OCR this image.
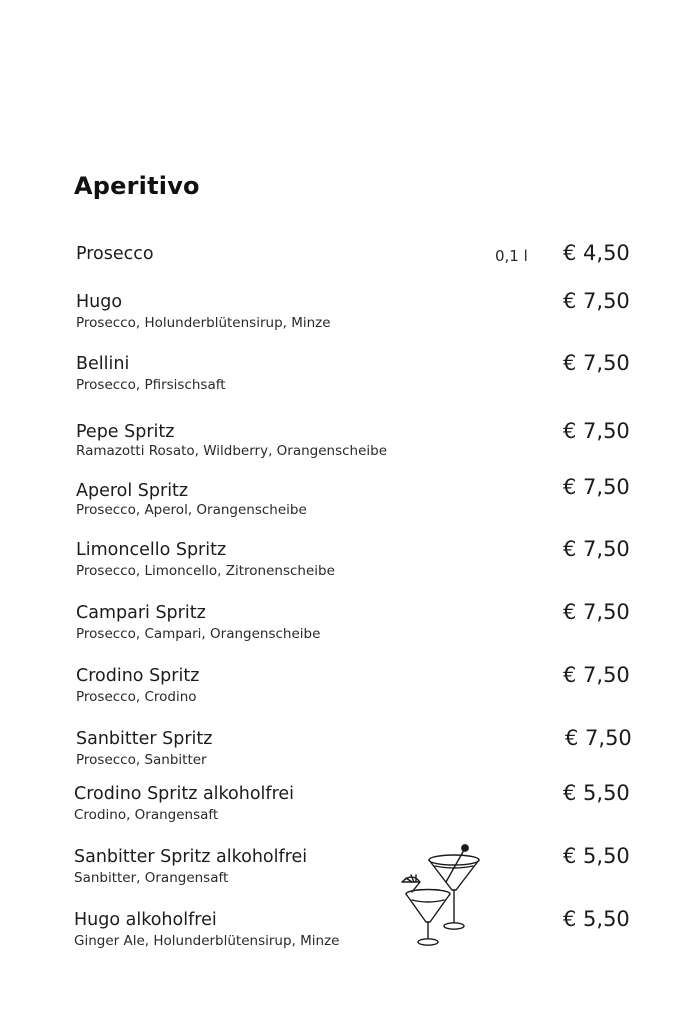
Aperitivo
Prosecco	0,1 l € 4,50
Hugo
Prosecco, Holunderblütensirup, Minze
€ 7,50
Bellini
Prosecco, Pfirsischsaft
€ 7,50
Pepe Spritz
Ramazotti Rosato, Wildberry, Orangenscheibe
€ 7,50
Aperol Spritz
Prosecco, Aperol, Orangenscheibe
€ 7,50
Limoncello Spritz
Prosecco, Limoncello, Zitronenscheibe
€ 7,50
Campari Spritz
Prosecco, Campari, Orangenscheibe
€ 7,50
Crodino Spritz
Prosecco, Crodino
€ 7,50
Sanbitter Spritz
Prosecco, Sanbitter
€ 7,50
Crodino Spritz alkoholfrei
Crodino, Orangensaft
€ 5,50
Sanbitter Spritz alkoholfrei
Sanbitter, Orangensaft
€ 5,50
Hugo alkoholfrei
Ginger Ale, Holunderblütensirup, Minze
€ 5,50
